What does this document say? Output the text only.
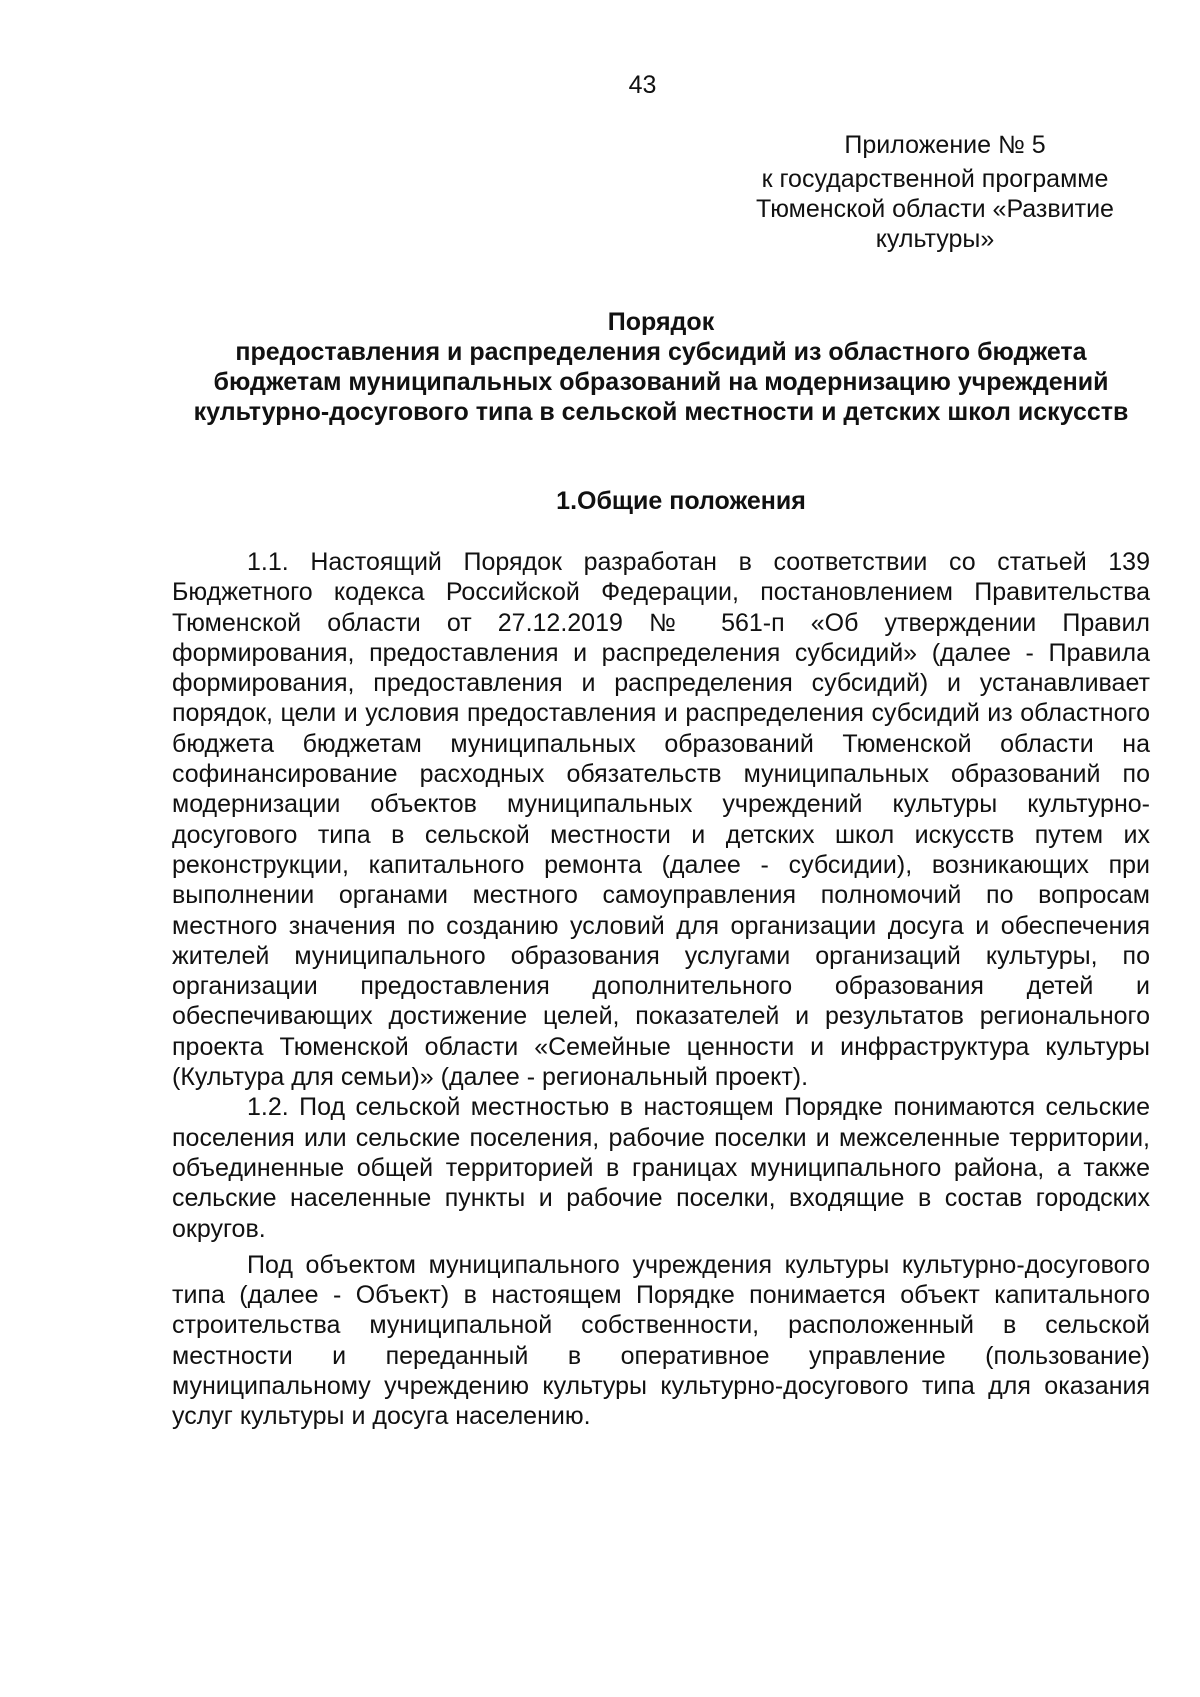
43
Приложение № 5
к государственной программе Тюменской области «Развитие культуры»
Порядок
предоставления и распределения субсидий из областного бюджета бюджетам муниципальных образований на модернизацию учреждений культурно-досугового типа в сельской местности и детских школ искусств
1.Общие положения

1.1. Настоящий Порядок разработан в соответствии со статьей 139 Бюджетного кодекса Российской Федерации, постановлением Правительства Тюменской области от 27.12.2019 № 561-п «Об утверждении Правил формирования, предоставления и распределения субсидий» (далее - Правила формирования, предоставления и распределения субсидий) и устанавливает порядок, цели и условия предоставления и распределения субсидий из областного бюджета бюджетам муниципальных образований Тюменской области на софинансирование расходных обязательств муниципальных образований по модернизации объектов муниципальных учреждений культуры культурно-досугового типа в сельской местности и детских школ искусств путем их реконструкции, капитального ремонта (далее - субсидии), возникающих при выполнении органами местного самоуправления полномочий по вопросам местного значения по созданию условий для организации досуга и обеспечения жителей муниципального образования услугами организаций культуры, по организации предоставления дополнительного образования детей и обеспечивающих достижение целей, показателей и результатов регионального проекта Тюменской области «Семейные ценности и инфраструктура культуры (Культура для семьи)» (далее - региональный проект).

1.2. Под сельской местностью в настоящем Порядке понимаются сельские поселения или сельские поселения, рабочие поселки и межселенные территории, объединенные общей территорией в границах муниципального района, а также сельские населенные пункты и рабочие поселки, входящие в состав городских округов.

Под объектом муниципального учреждения культуры культурно-досугового типа (далее - Объект) в настоящем Порядке понимается объект капитального строительства муниципальной собственности, расположенный в сельской местности и переданный в оперативное управление (пользование) муниципальному учреждению культуры культурно-досугового типа для оказания услуг культуры и досуга населению.
